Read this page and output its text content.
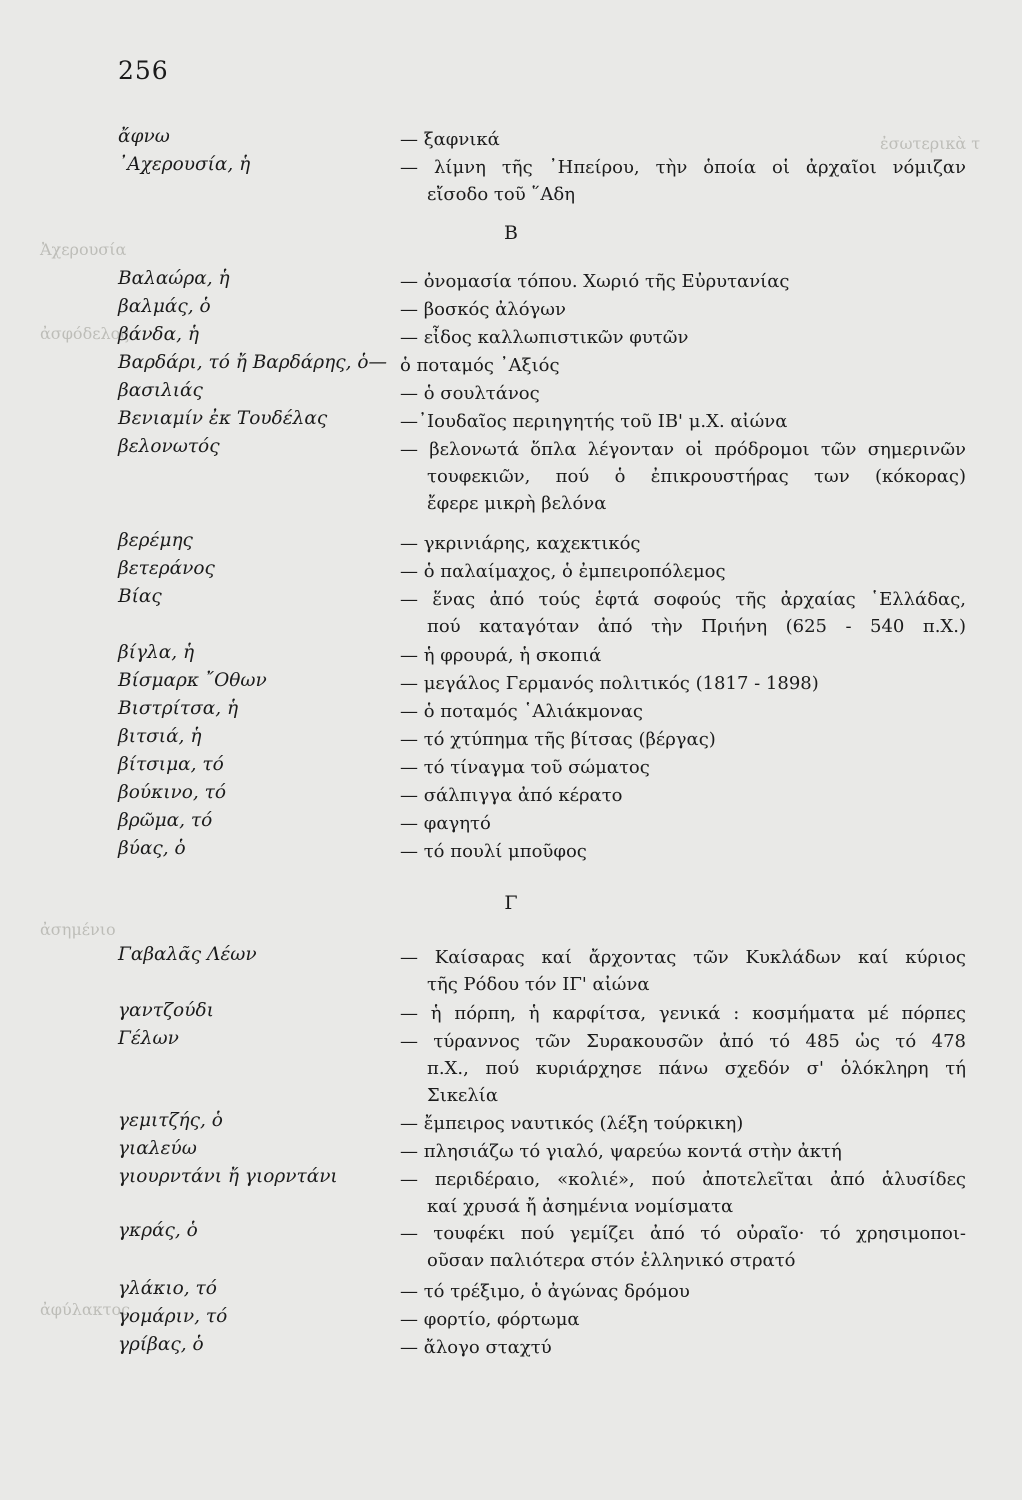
ἐσωτερικὰ τ
Ἀχερουσία
ἀσφόδελος
ἀσημένιο
ἀφύλακτος
256
Β
Γ
ἄφνω	— ξαφνικά
᾿Αχερουσία, ἡ	— λίμνη τῆς ᾿Ηπείρου, τὴν ὁποία οἱ ἀρχαῖοι νόμιζαν
εἴσοδο τοῦ ῞Αδη
Βαλαώρα, ἡ	— ὀνομασία τόπου. Χωριό τῆς Εὐρυτανίας
βαλμάς, ὁ	— βοσκός ἀλόγων
βάνδα, ἡ	— εἶδος καλλωπιστικῶν φυτῶν
Βαρδάρι, τό ἤ Βαρδάρης, ὁ— ὁ ποταμός ᾿Αξιός
βασιλιάς	— ὁ σουλτάνος
Βενιαμίν ἐκ Τουδέλας	—᾿Ιουδαῖος περιηγητής τοῦ ΙΒ' μ.Χ. αἰώνα
βελονωτός	— βελονωτά ὅπλα λέγονταν οἱ πρόδρομοι τῶν σημερινῶν
τουφεκιῶν, πού ὁ ἐπικρουστήρας των (κόκορας)
ἔφερε μικρὴ βελόνα
βερέμης	— γκρινιάρης, καχεκτικός
βετεράνος	— ὁ παλαίμαχος, ὁ ἐμπειροπόλεμος
Βίας	— ἕνας ἀπό τούς ἑφτά σοφούς τῆς ἀρχαίας ῾Ελλάδας,
πού καταγόταν ἀπό τὴν Πριήνη (625 - 540 π.Χ.)
βίγλα, ἡ	— ἡ φρουρά, ἡ σκοπιά
Βίσμαρκ ῎Οθων	— μεγάλος Γερμανός πολιτικός (1817 - 1898)
Βιστρίτσα, ἡ	— ὁ ποταμός ῾Αλιάκμονας
βιτσιά, ἡ	— τό χτύπημα τῆς βίτσας (βέργας)
βίτσιμα, τό	— τό τίναγμα τοῦ σώματος
βούκινο, τό	— σάλπιγγα ἀπό κέρατο
βρῶμα, τό	— φαγητό
βύας, ὁ	— τό πουλί μποῦφος
Γαβαλᾶς Λέων	— Καίσαρας καί ἄρχοντας τῶν Κυκλάδων καί κύριος
τῆς Ρόδου τόν ΙΓ' αἰώνα
γαντζούδι	— ἡ πόρπη, ἡ καρφίτσα, γενικά : κοσμήματα μέ πόρπες
Γέλων	— τύραννος τῶν Συρακουσῶν ἀπό τό 485 ὡς τό 478
π.Χ., πού κυριάρχησε πάνω σχεδόν σ' ὁλόκληρη τή
Σικελία
γεμιτζής, ὁ	— ἔμπειρος ναυτικός (λέξη τούρκικη)
γιαλεύω	— πλησιάζω τό γιαλό, ψαρεύω κοντά στὴν ἀκτή
γιουρντάνι ἤ γιορντάνι	— περιδέραιο, «κολιέ», πού ἀποτελεῖται ἀπό ἁλυσίδες
καί χρυσά ἤ ἀσημένια νομίσματα
γκράς, ὁ	— τουφέκι πού γεμίζει ἀπό τό οὐραῖο· τό χρησιμοποι-
οῦσαν παλιότερα στόν ἑλληνικό στρατό
γλάκιο, τό	— τό τρέξιμο, ὁ ἀγώνας δρόμου
γομάριν, τό	— φορτίο, φόρτωμα
γρίβας, ὁ	— ἄλογο σταχτύ
